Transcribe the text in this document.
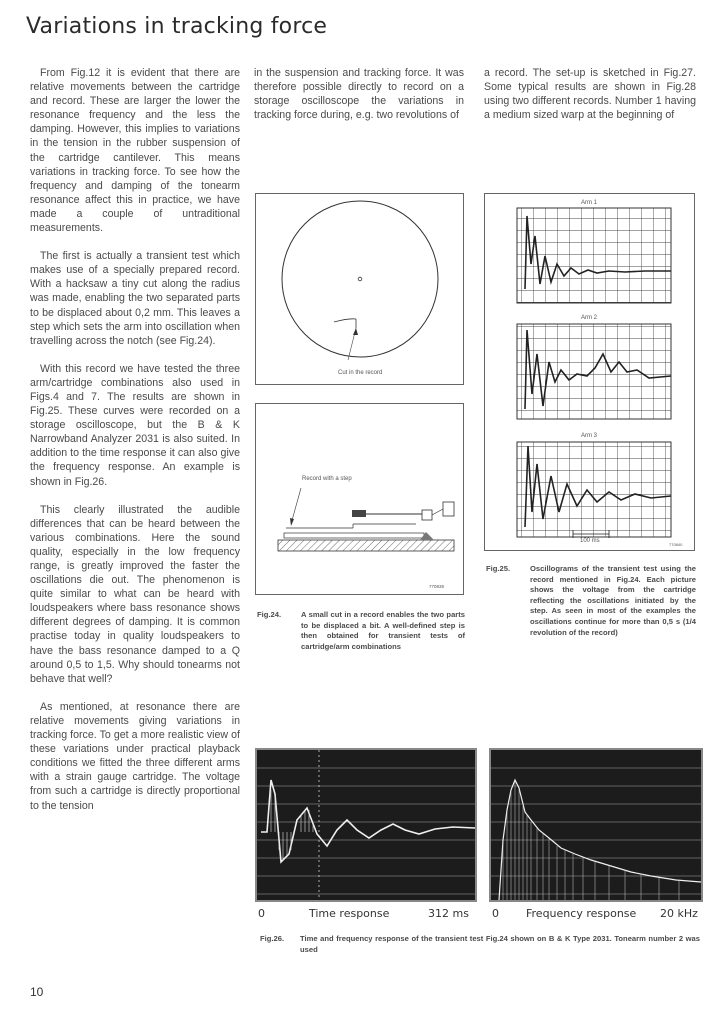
Variations in tracking force

From Fig.12 it is evident that there are relative movements between the cartridge and record. These are larger the lower the resonance frequency and the less the damping. However, this implies to variations in the tension in the rubber suspension of the cartridge cantilever. This means variations in tracking force. To see how the frequency and damping of the tonearm resonance affect this in practice, we have made a couple of untraditional measurements.

The first is actually a transient test which makes use of a specially prepared record. With a hacksaw a tiny cut along the radius was made, enabling the two separated parts to be displaced about 0,2 mm. This leaves a step which sets the arm into oscillation when travelling across the notch (see Fig.24).

With this record we have tested the three arm/cartridge combinations also used in Figs.4 and 7. The results are shown in Fig.25. These curves were recorded on a storage oscilloscope, but the B & K Narrowband Analyzer 2031 is also suited. In addition to the time response it can also give the frequency response. An example is shown in Fig.26.

This clearly illustrated the audible differences that can be heard between the various combinations. Here the sound quality, especially in the low frequency range, is greatly improved the faster the oscillations die out. The phenomenon is quite similar to what can be heard with loudspeakers where bass resonance shows different degrees of damping. It is common practise today in quality loudspeakers to have the bass resonance damped to a Q around 0,5 to 1,5. Why should tonearms not behave that well?

As mentioned, at resonance there are relative movements giving variations in tracking force. To get a more realistic view of these variations under practical playback conditions we fitted the three different arms with a strain gauge cartridge. The voltage from such a cartridge is directly proportional to the tension

in the suspension and tracking force. It was therefore possible directly to record on a storage oscilloscope the variations in tracking force during, e.g. two revolutions of

a record. The set-up is sketched in Fig.27. Some typical results are shown in Fig.28 using two different records. Number 1 having a medium sized warp at the beginning of

Cut in the record
Record with a step
770838
Fig.24.	A small cut in a record enables the two parts to be displaced a bit. A well-defined step is then obtained for transient tests of cartridge/arm combinations
Arm 1
Arm 2
Arm 3
100 ms
770840
Fig.25.	Oscillograms of the transient test using the record mentioned in Fig.24. Each picture shows the voltage from the cartridge reflecting the oscillations initiated by the step. As seen in most of the examples the oscillations continue for more than 0,5 s (1/4 revolution of the record)
0	Time response	312 ms 0 Frequency response 20 kHz
Fig.26. Time and frequency response of the transient test Fig.24 shown on B & K Type 2031. Tonearm number 2 was used
10
